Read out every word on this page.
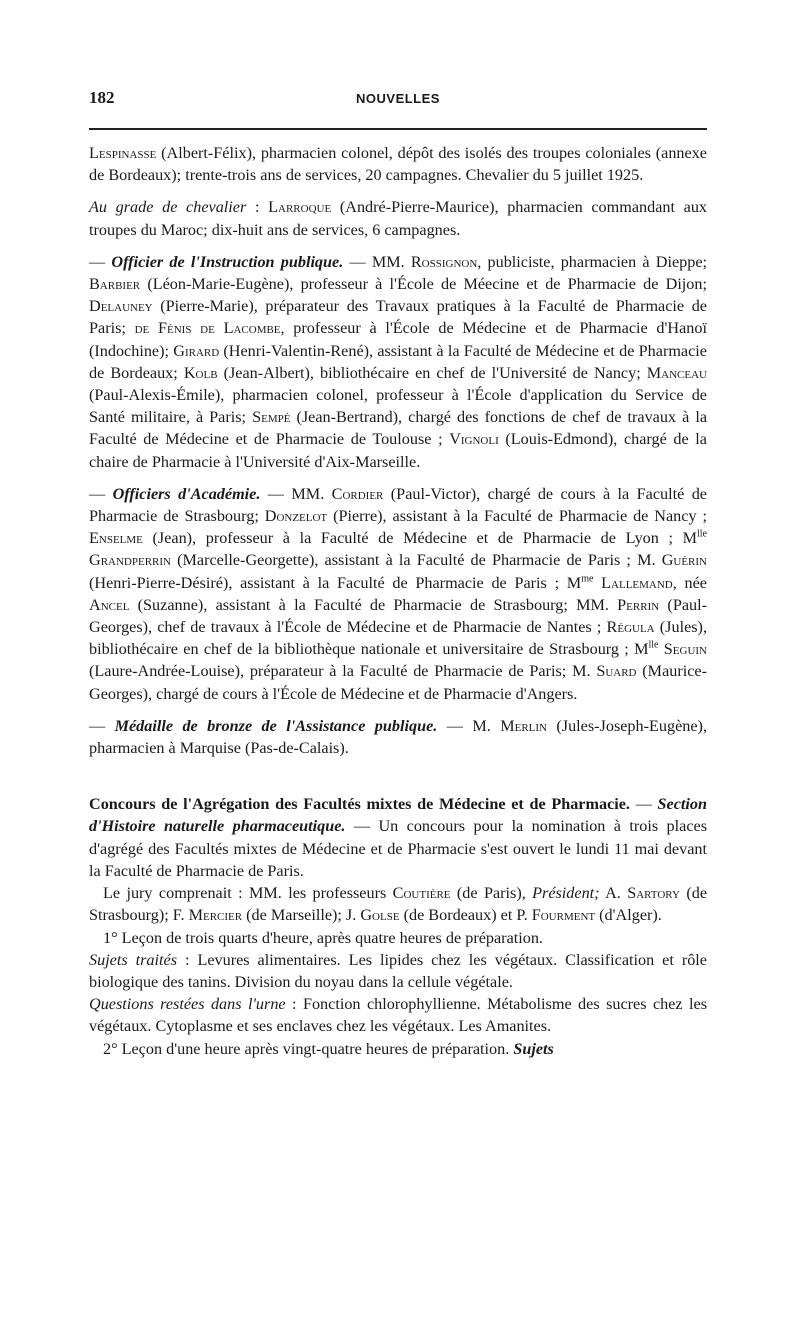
182	NOUVELLES

Lespinasse (Albert-Félix), pharmacien colonel, dépôt des isolés des troupes coloniales (annexe de Bordeaux); trente-trois ans de services, 20 campagnes. Chevalier du 5 juillet 1925.

Au grade de chevalier : Larroque (André-Pierre-Maurice), pharmacien commandant aux troupes du Maroc; dix-huit ans de services, 6 campagnes.

— Officier de l'Instruction publique. — MM. Rossignon, publiciste, pharmacien à Dieppe; Barbier (Léon-Marie-Eugène), professeur à l'École de Méecine et de Pharmacie de Dijon; Delauney (Pierre-Marie), préparateur des Travaux pratiques à la Faculté de Pharmacie de Paris; de Fénis de Lacombe, professeur à l'École de Médecine et de Pharmacie d'Hanoï (Indochine); Girard (Henri-Valentin-René), assistant à la Faculté de Médecine et de Pharmacie de Bordeaux; Kolb (Jean-Albert), bibliothécaire en chef de l'Université de Nancy; Manceau (Paul-Alexis-Émile), pharmacien colonel, professeur à l'École d'application du Service de Santé militaire, à Paris; Sempé (Jean-Bertrand), chargé des fonctions de chef de travaux à la Faculté de Médecine et de Pharmacie de Toulouse ; Vignoli (Louis-Edmond), chargé de la chaire de Pharmacie à l'Université d'Aix-Marseille.

— Officiers d'Académie. — MM. Cordier (Paul-Victor), chargé de cours à la Faculté de Pharmacie de Strasbourg; Donzelot (Pierre), assistant à la Faculté de Pharmacie de Nancy ; Enselme (Jean), professeur à la Faculté de Médecine et de Pharmacie de Lyon ; $M^{lle}$ Grandperrin (Marcelle-Georgette), assistant à la Faculté de Pharmacie de Paris ; M. Guérin (Henri-Pierre-Désiré), assistant à la Faculté de Pharmacie de Paris ; $M^{me}$ Lallemand, née Ancel (Suzanne), assistant à la Faculté de Pharmacie de Strasbourg; MM. Perrin (Paul-Georges), chef de travaux à l'École de Médecine et de Pharmacie de Nantes ; Régula (Jules), bibliothécaire en chef de la bibliothèque nationale et universitaire de Strasbourg ; $M^{lle}$ Seguin (Laure-Andrée-Louise), préparateur à la Faculté de Pharmacie de Paris; M. Suard (Maurice-Georges), chargé de cours à l'École de Médecine et de Pharmacie d'Angers.

— Médaille de bronze de l'Assistance publique. — M. Merlin (Jules-Joseph-Eugène), pharmacien à Marquise (Pas-de-Calais).

Concours de l'Agrégation des Facultés mixtes de Médecine et de Pharmacie. — Section d'Histoire naturelle pharmaceutique. — Un concours pour la nomination à trois places d'agrégé des Facultés mixtes de Médecine et de Pharmacie s'est ouvert le lundi 11 mai devant la Faculté de Pharmacie de Paris.

Le jury comprenait : MM. les professeurs Coutière (de Paris), Président; A. Sartory (de Strasbourg); F. Mercier (de Marseille); J. Golse (de Bordeaux) et P. Fourment (d'Alger).

1° Leçon de trois quarts d'heure, après quatre heures de préparation.

Sujets traités : Levures alimentaires. Les lipides chez les végétaux. Classification et rôle biologique des tanins. Division du noyau dans la cellule végétale.

Questions restées dans l'urne : Fonction chlorophyllienne. Métabolisme des sucres chez les végétaux. Cytoplasme et ses enclaves chez les végétaux. Les Amanites.

2° Leçon d'une heure après vingt-quatre heures de préparation. Sujets
